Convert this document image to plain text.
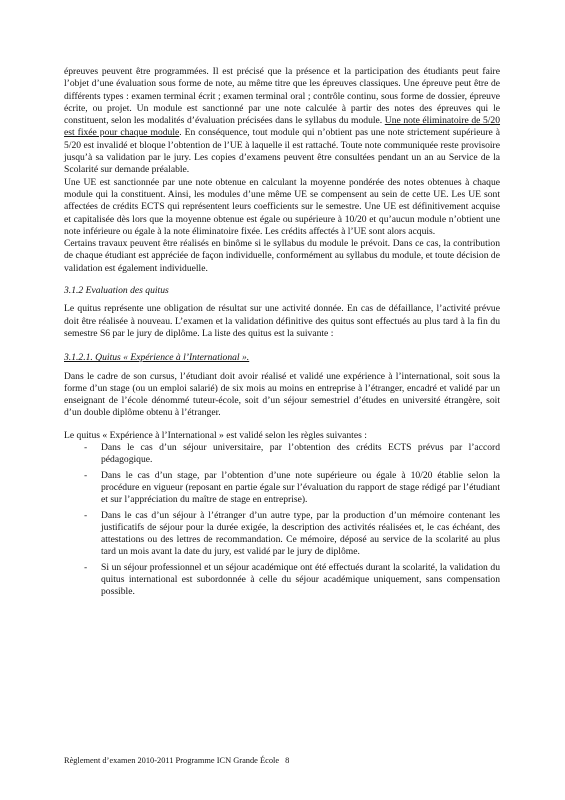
épreuves peuvent être programmées. Il est précisé que la présence et la participation des étudiants peut faire l’objet d’une évaluation sous forme de note, au même titre que les épreuves classiques. Une épreuve peut être de différents types : examen terminal écrit ; examen terminal oral ; contrôle continu, sous forme de dossier, épreuve écrite, ou projet. Un module est sanctionné par une note calculée à partir des notes des épreuves qui le constituent, selon les modalités d’évaluation précisées dans le syllabus du module. Une note éliminatoire de 5/20 est fixée pour chaque module. En conséquence, tout module qui n’obtient pas une note strictement supérieure à 5/20 est invalidé et bloque l’obtention de l’UE à laquelle il est rattaché. Toute note communiquée reste provisoire jusqu’à sa validation par le jury. Les copies d’examens peuvent être consultées pendant un an au Service de la Scolarité sur demande préalable.

Une UE est sanctionnée par une note obtenue en calculant la moyenne pondérée des notes obtenues à chaque module qui la constituent. Ainsi, les modules d’une même UE se compensent au sein de cette UE. Les UE sont affectées de crédits ECTS qui représentent leurs coefficients sur le semestre. Une UE est définitivement acquise et capitalisée dès lors que la moyenne obtenue est égale ou supérieure à 10/20 et qu’aucun module n’obtient une note inférieure ou égale à la note éliminatoire fixée. Les crédits affectés à l’UE sont alors acquis.

Certains travaux peuvent être réalisés en binôme si le syllabus du module le prévoit. Dans ce cas, la contribution de chaque étudiant est appréciée de façon individuelle, conformément au syllabus du module, et toute décision de validation est également individuelle.

3.1.2 Evaluation des quitus

Le quitus représente une obligation de résultat sur une activité donnée. En cas de défaillance, l’activité prévue doit être réalisée à nouveau. L’examen et la validation définitive des quitus sont effectués au plus tard à la fin du semestre S6 par le jury de diplôme. La liste des quitus est la suivante :

3.1.2.1. Quitus « Expérience à l’International ».

Dans le cadre de son cursus, l’étudiant doit avoir réalisé et validé une expérience à l’international, soit sous la forme d’un stage (ou un emploi salarié) de six mois au moins en entreprise à l’étranger, encadré et validé par un enseignant de l’école dénommé tuteur-école, soit d’un séjour semestriel d’études en université étrangère, soit d’un double diplôme obtenu à l’étranger.

Le quitus « Expérience à l’International » est validé selon les règles suivantes :

- Dans le cas d’un séjour universitaire, par l’obtention des crédits ECTS prévus par l’accord pédagogique.
- Dans le cas d’un stage, par l’obtention d’une note supérieure ou égale à 10/20 établie selon la procédure en vigueur (reposant en partie égale sur l’évaluation du rapport de stage rédigé par l’étudiant et sur l’appréciation du maître de stage en entreprise).
- Dans le cas d’un séjour à l’étranger d’un autre type, par la production d’un mémoire contenant les justificatifs de séjour pour la durée exigée, la description des activités réalisées et, le cas échéant, des attestations ou des lettres de recommandation. Ce mémoire, déposé au service de la scolarité au plus tard un mois avant la date du jury, est validé par le jury de diplôme.
- Si un séjour professionnel et un séjour académique ont été effectués durant la scolarité, la validation du quitus international est subordonnée à celle du séjour académique uniquement, sans compensation possible.
Règlement d’examen 2010-2011 Programme ICN Grande École 8
